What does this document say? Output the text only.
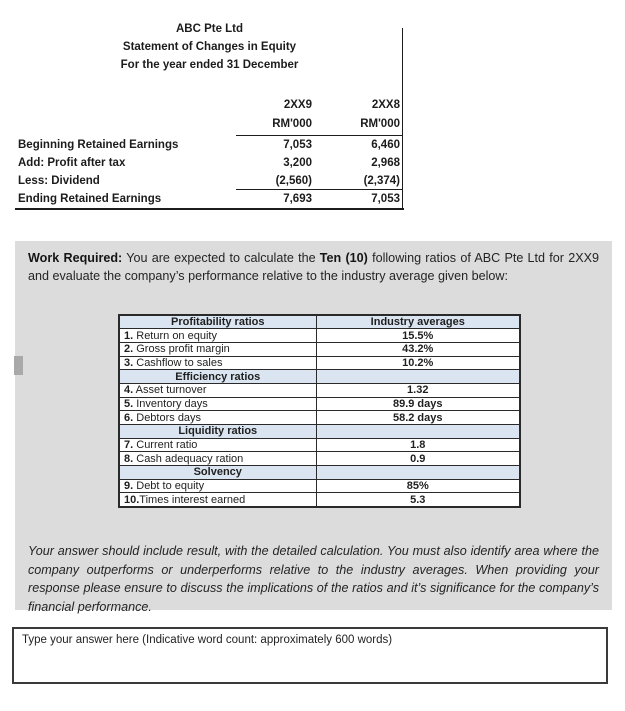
ABC Pte Ltd
Statement of Changes in Equity
For the year ended 31 December
2XX9	2XX8
RM'000	RM'000
Beginning Retained Earnings	7,053	6,460
Add: Profit after tax	3,200	2,968
Less: Dividend	(2,560)	(2,374)
Ending Retained Earnings	7,693	7,053

Work Required: You are expected to calculate the Ten (10) following ratios of ABC Pte Ltd for 2XX9 and evaluate the company’s performance relative to the industry average given below:

Profitability ratios	Industry averages
1. Return on equity	15.5%
2. Gross profit margin	43.2%
3. Cashflow to sales	10.2%
Efficiency ratios	
4. Asset turnover	1.32
5. Inventory days	89.9 days
6. Debtors days	58.2 days
Liquidity ratios	
7. Current ratio	1.8
8. Cash adequacy ration	0.9
Solvency	
9. Debt to equity	85%
10.Times interest earned	5.3

Your answer should include result, with the detailed calculation. You must also identify area where the company outperforms or underperforms relative to the industry averages. When providing your response please ensure to discuss the implications of the ratios and it’s significance for the company’s financial performance.

Type your answer here (Indicative word count: approximately 600 words)
